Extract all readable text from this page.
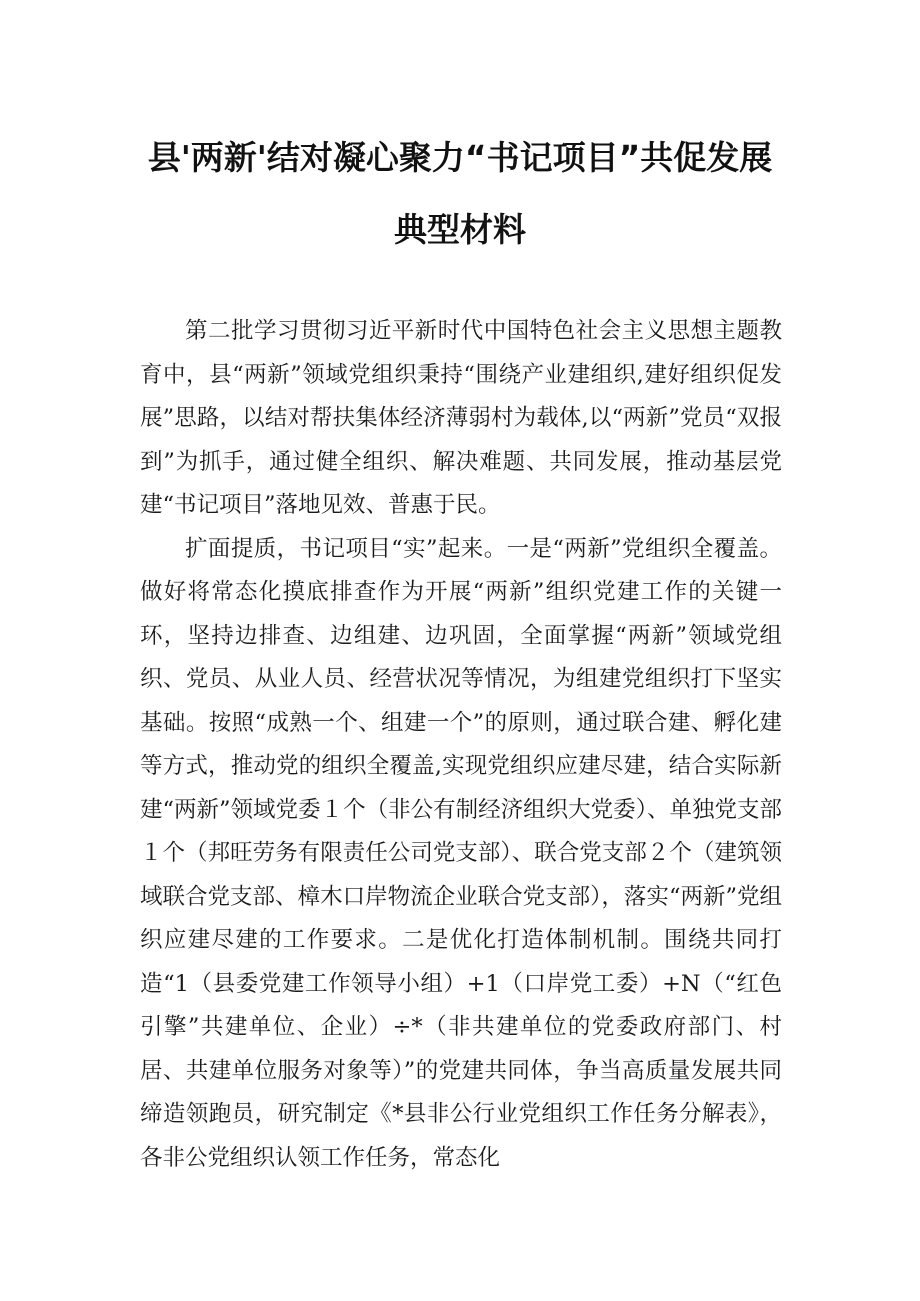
县'两新'结对凝心聚力“书记项目”共促发展
典型材料

第二批学习贯彻习近平新时代中国特色社会主义思想主题教育中，县“两新”领域党组织秉持“围绕产业建组织,建好组织促发展”思路，以结对帮扶集体经济薄弱村为载体,以“两新”党员“双报到”为抓手，通过健全组织、解决难题、共同发展，推动基层党建“书记项目”落地见效、普惠于民。

扩面提质，书记项目“实”起来。一是“两新”党组织全覆盖。做好将常态化摸底排查作为开展“两新”组织党建工作的关键一环，坚持边排查、边组建、边巩固，全面掌握“两新”领域党组织、党员、从业人员、经营状况等情况，为组建党组织打下坚实基础。按照“成熟一个、组建一个”的原则，通过联合建、孵化建等方式，推动党的组织全覆盖,实现党组织应建尽建，结合实际新建“两新”领域党委１个（非公有制经济组织大党委）、单独党支部１个（邦旺劳务有限责任公司党支部）、联合党支部２个（建筑领域联合党支部、樟木口岸物流企业联合党支部），落实“两新”党组织应建尽建的工作要求。二是优化打造体制机制。围绕共同打造“1（县委党建工作领导小组）+1（口岸党工委）+N（“红色引擎”共建单位、企业）÷*（非共建单位的党委政府部门、村居、共建单位服务对象等）”的党建共同体，争当高质量发展共同缔造领跑员，研究制定《*县非公行业党组织工作任务分解表》，各非公党组织认领工作任务，常态化
